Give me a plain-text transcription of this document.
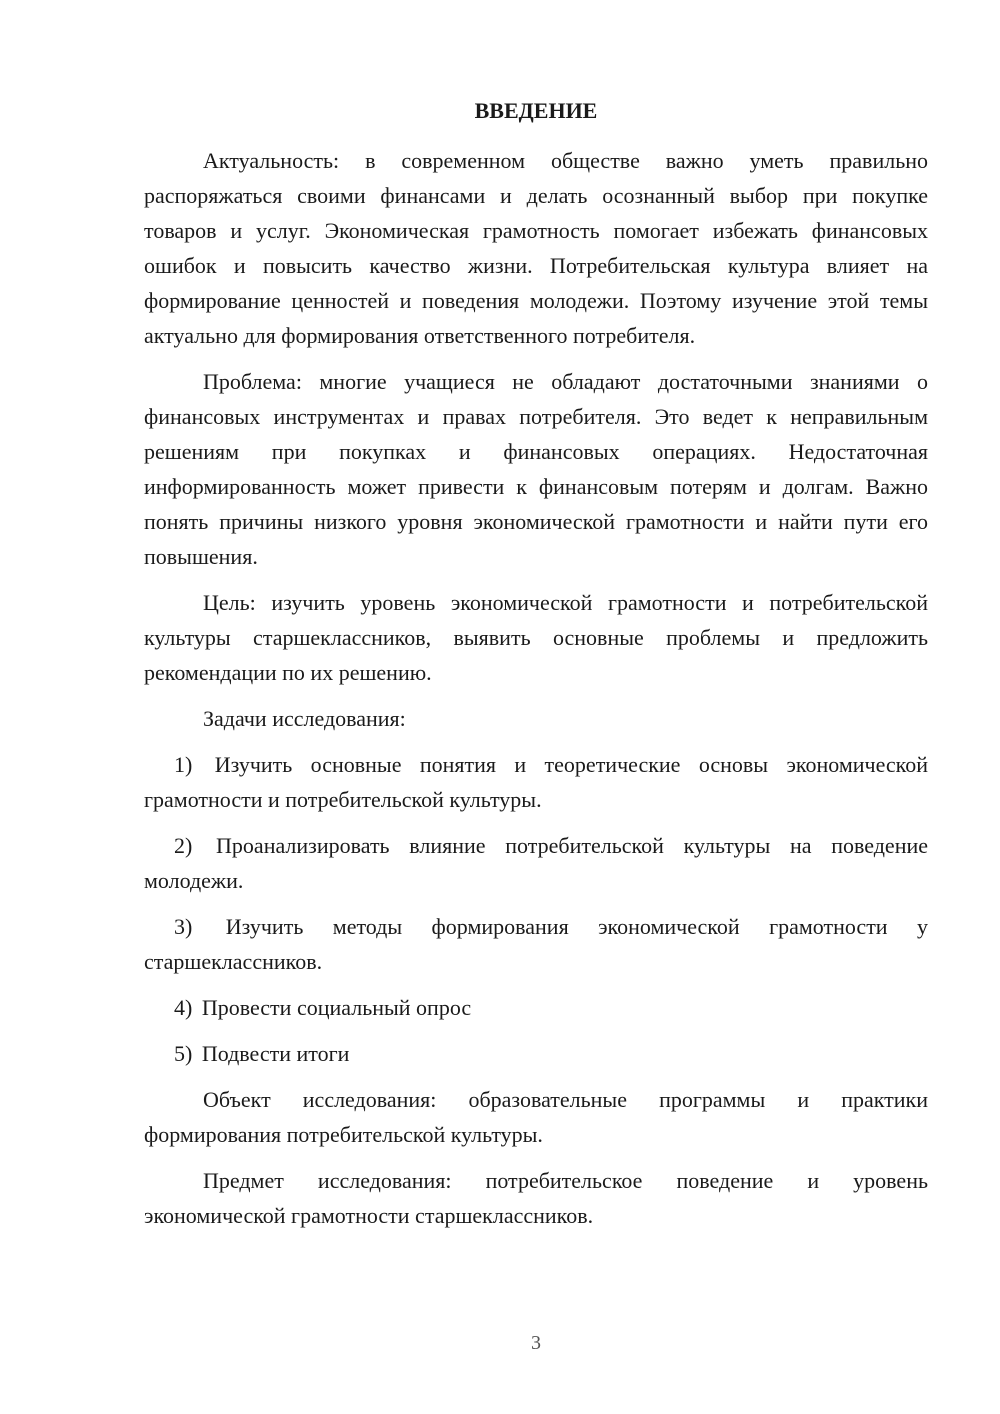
ВВЕДЕНИЕ

Актуальность: в современном обществе важно уметь правильно распоряжаться своими финансами и делать осознанный выбор при покупке товаров и услуг. Экономическая грамотность помогает избежать финансовых ошибок и повысить качество жизни. Потребительская культура влияет на формирование ценностей и поведения молодежи. Поэтому изучение этой темы актуально для формирования ответственного потребителя.

Проблема: многие учащиеся не обладают достаточными знаниями о финансовых инструментах и правах потребителя. Это ведет к неправильным решениям при покупках и финансовых операциях. Недостаточная информированность может привести к финансовым потерям и долгам. Важно понять причины низкого уровня экономической грамотности и найти пути его повышения.

Цель: изучить уровень экономической грамотности и потребительской культуры старшеклассников, выявить основные проблемы и предложить рекомендации по их решению.

Задачи исследования:

1) Изучить основные понятия и теоретические основы экономической грамотности и потребительской культуры.

2) Проанализировать влияние потребительской культуры на поведение молодежи.

3) Изучить методы формирования экономической грамотности у старшеклассников.

4) Провести социальный опрос

5) Подвести итоги

Объект исследования: образовательные программы и практики формирования потребительской культуры.

Предмет исследования: потребительское поведение и уровень экономической грамотности старшеклассников.

3
